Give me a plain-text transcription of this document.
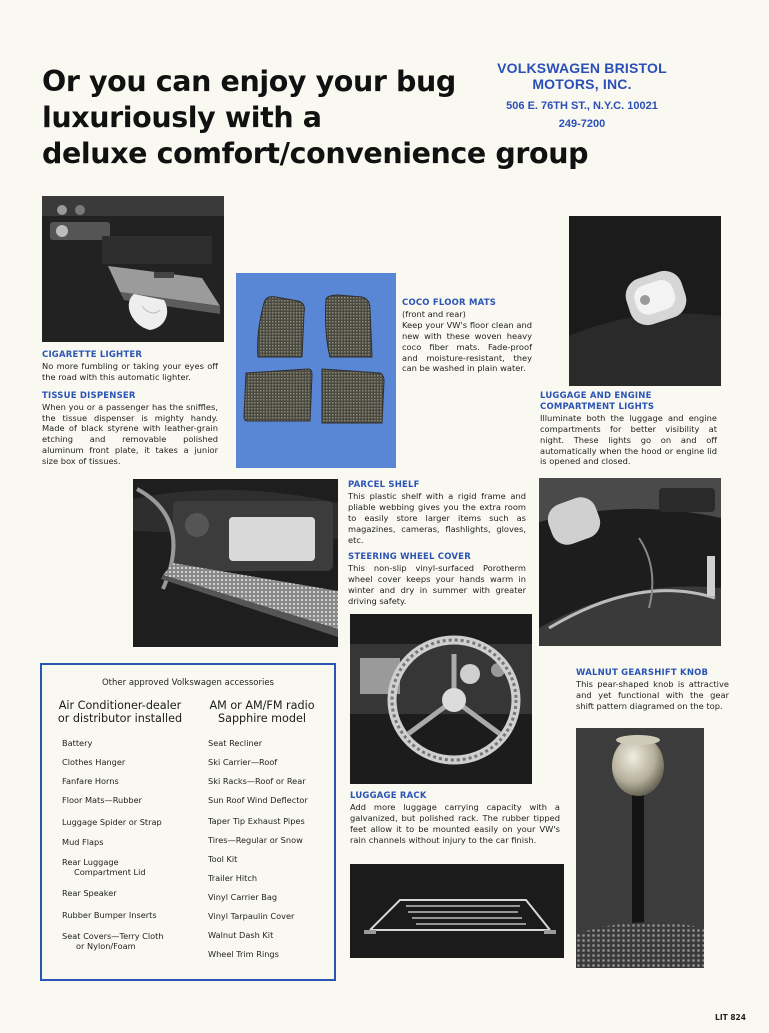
Or you can enjoy your bug
luxuriously with a
deluxe comfort/convenience group
VOLKSWAGEN BRISTOL MOTORS, INC.
506 E. 76TH ST., N.Y.C. 10021
249-7200
CIGARETTE LIGHTER
No more fumbling or taking your eyes off the road with this automatic lighter.
TISSUE DISPENSER
When you or a passenger has the sniffles, the tissue dispenser is mighty handy. Made of black styrene with leather-grain etching and removable polished aluminum front plate, it takes a junior size box of tissues.
COCO FLOOR MATS
(front and rear)
Keep your VW's floor clean and new with these woven heavy coco fiber mats. Fade-proof and moisture-resistant, they can be washed in plain water.
LUGGAGE AND ENGINE COMPARTMENT LIGHTS
Illuminate both the luggage and engine compartments for better visibility at night. These lights go on and off automatically when the hood or engine lid is opened and closed.
PARCEL SHELF
This plastic shelf with a rigid frame and pliable webbing gives you the extra room to easily store larger items such as magazines, cameras, flashlights, gloves, etc.
STEERING WHEEL COVER
This non-slip vinyl-surfaced Porotherm wheel cover keeps your hands warm in winter and dry in summer with greater driving safety.
WALNUT GEARSHIFT KNOB
This pear-shaped knob is attractive and yet functional with the gear shift pattern diagramed on the top.
LUGGAGE RACK
Add more luggage carrying capacity with a galvanized, but polished rack. The rubber tipped feet allow it to be mounted easily on your VW's rain channels without injury to the car finish.
Other approved Volkswagen accessories
Air Conditioner-dealer
or distributor installed
AM or AM/FM radio
Sapphire model
Battery
Clothes Hanger
Fanfare Horns
Floor Mats—Rubber
Luggage Spider or Strap
Mud Flaps
Rear Luggage
Compartment Lid
Rear Speaker
Rubber Bumper Inserts
Seat Covers—Terry Cloth
or Nylon/Foam
Seat Recliner
Ski Carrier—Roof
Ski Racks—Roof or Rear
Sun Roof Wind Deflector
Taper Tip Exhaust Pipes
Tires—Regular or Snow
Tool Kit
Trailer Hitch
Vinyl Carrier Bag
Vinyl Tarpaulin Cover
Walnut Dash Kit
Wheel Trim Rings
LIT 824
